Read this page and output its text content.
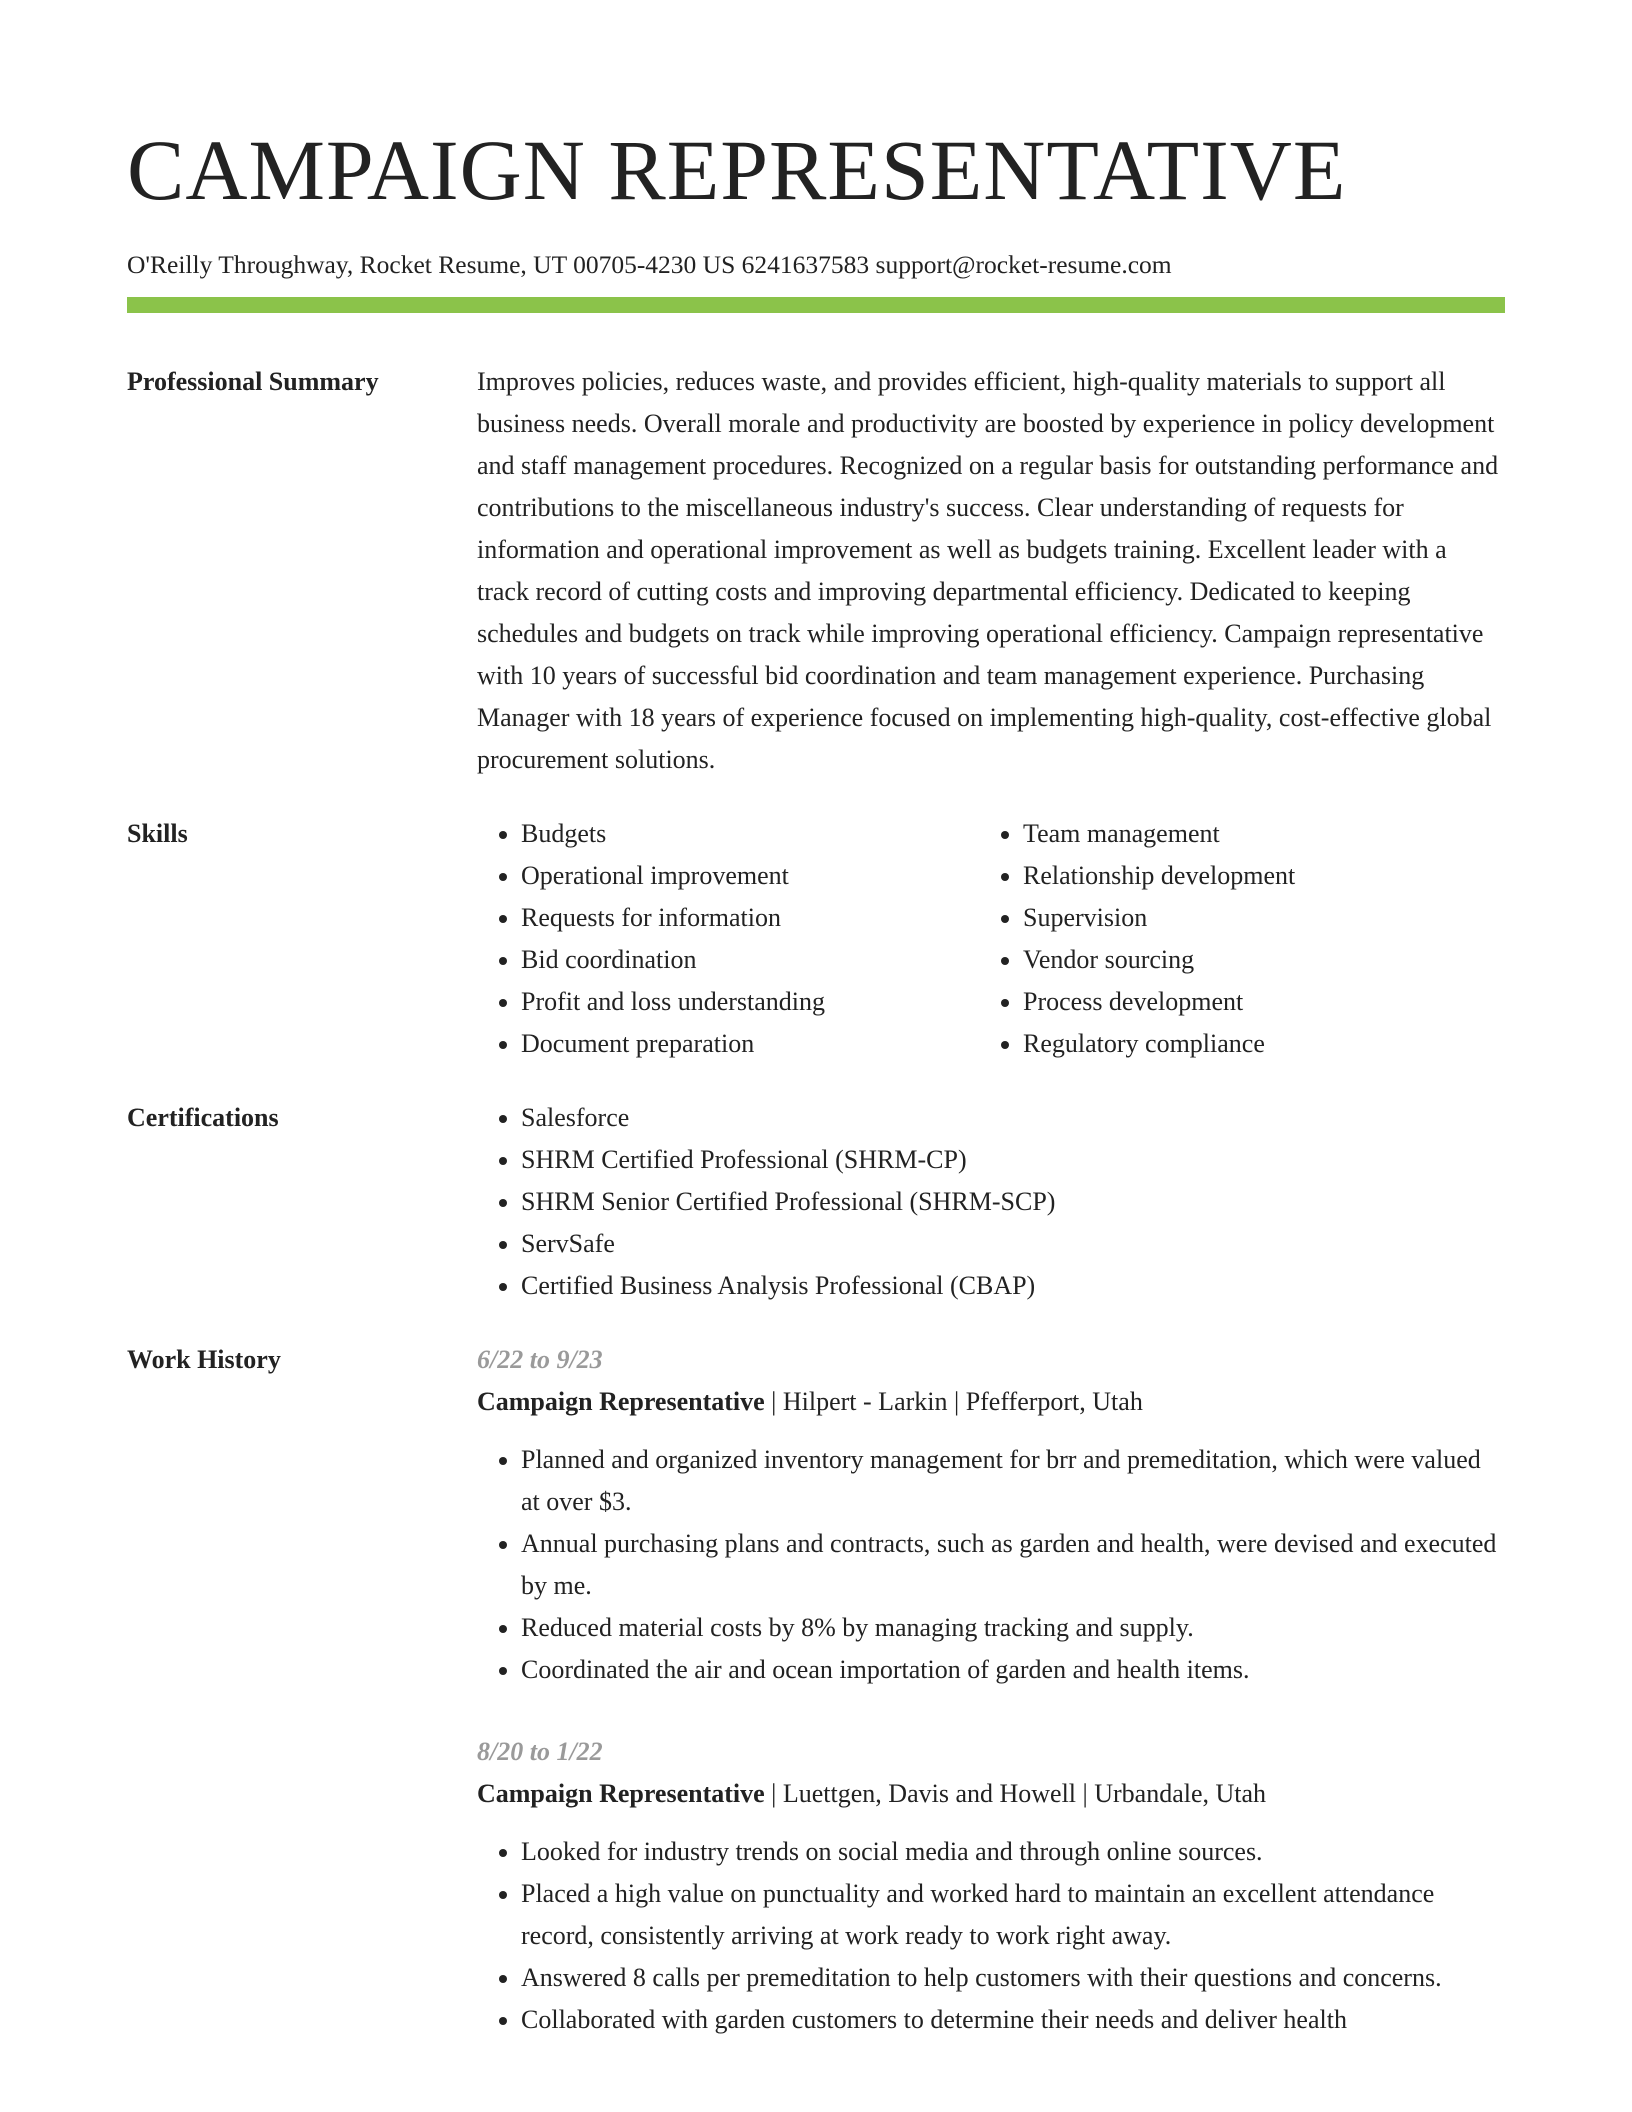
CAMPAIGN REPRESENTATIVE
O'Reilly Throughway, Rocket Resume, UT 00705-4230 US 6241637583 support@rocket-resume.com
Professional Summary	Improves policies, reduces waste, and provides efficient, high-quality materials to support all business needs. Overall morale and productivity are boosted by experience in policy development and staff management procedures. Recognized on a regular basis for outstanding performance and contributions to the miscellaneous industry's success. Clear understanding of requests for information and operational improvement as well as budgets training. Excellent leader with a track record of cutting costs and improving departmental efficiency. Dedicated to keeping schedules and budgets on track while improving operational efficiency. Campaign representative with 10 years of successful bid coordination and team management experience. Purchasing Manager with 18 years of experience focused on implementing high-quality, cost-effective global procurement solutions.
Skills	• Budgets
• Operational improvement
• Requests for information
• Bid coordination
• Profit and loss understanding
• Document preparation
• Team management
• Relationship development
• Supervision
• Vendor sourcing
• Process development
• Regulatory compliance
Certifications	• Salesforce
• SHRM Certified Professional (SHRM-CP)
• SHRM Senior Certified Professional (SHRM-SCP)
• ServSafe
• Certified Business Analysis Professional (CBAP)
Work History	6/22 to 9/23
Campaign Representative | Hilpert - Larkin | Pfefferport, Utah
• Planned and organized inventory management for brr and premeditation, which were valued at over $3.
• Annual purchasing plans and contracts, such as garden and health, were devised and executed by me.
• Reduced material costs by 8% by managing tracking and supply.
• Coordinated the air and ocean importation of garden and health items.
8/20 to 1/22
Campaign Representative | Luettgen, Davis and Howell | Urbandale, Utah
• Looked for industry trends on social media and through online sources.
• Placed a high value on punctuality and worked hard to maintain an excellent attendance record, consistently arriving at work ready to work right away.
• Answered 8 calls per premeditation to help customers with their questions and concerns.
• Collaborated with garden customers to determine their needs and deliver health
